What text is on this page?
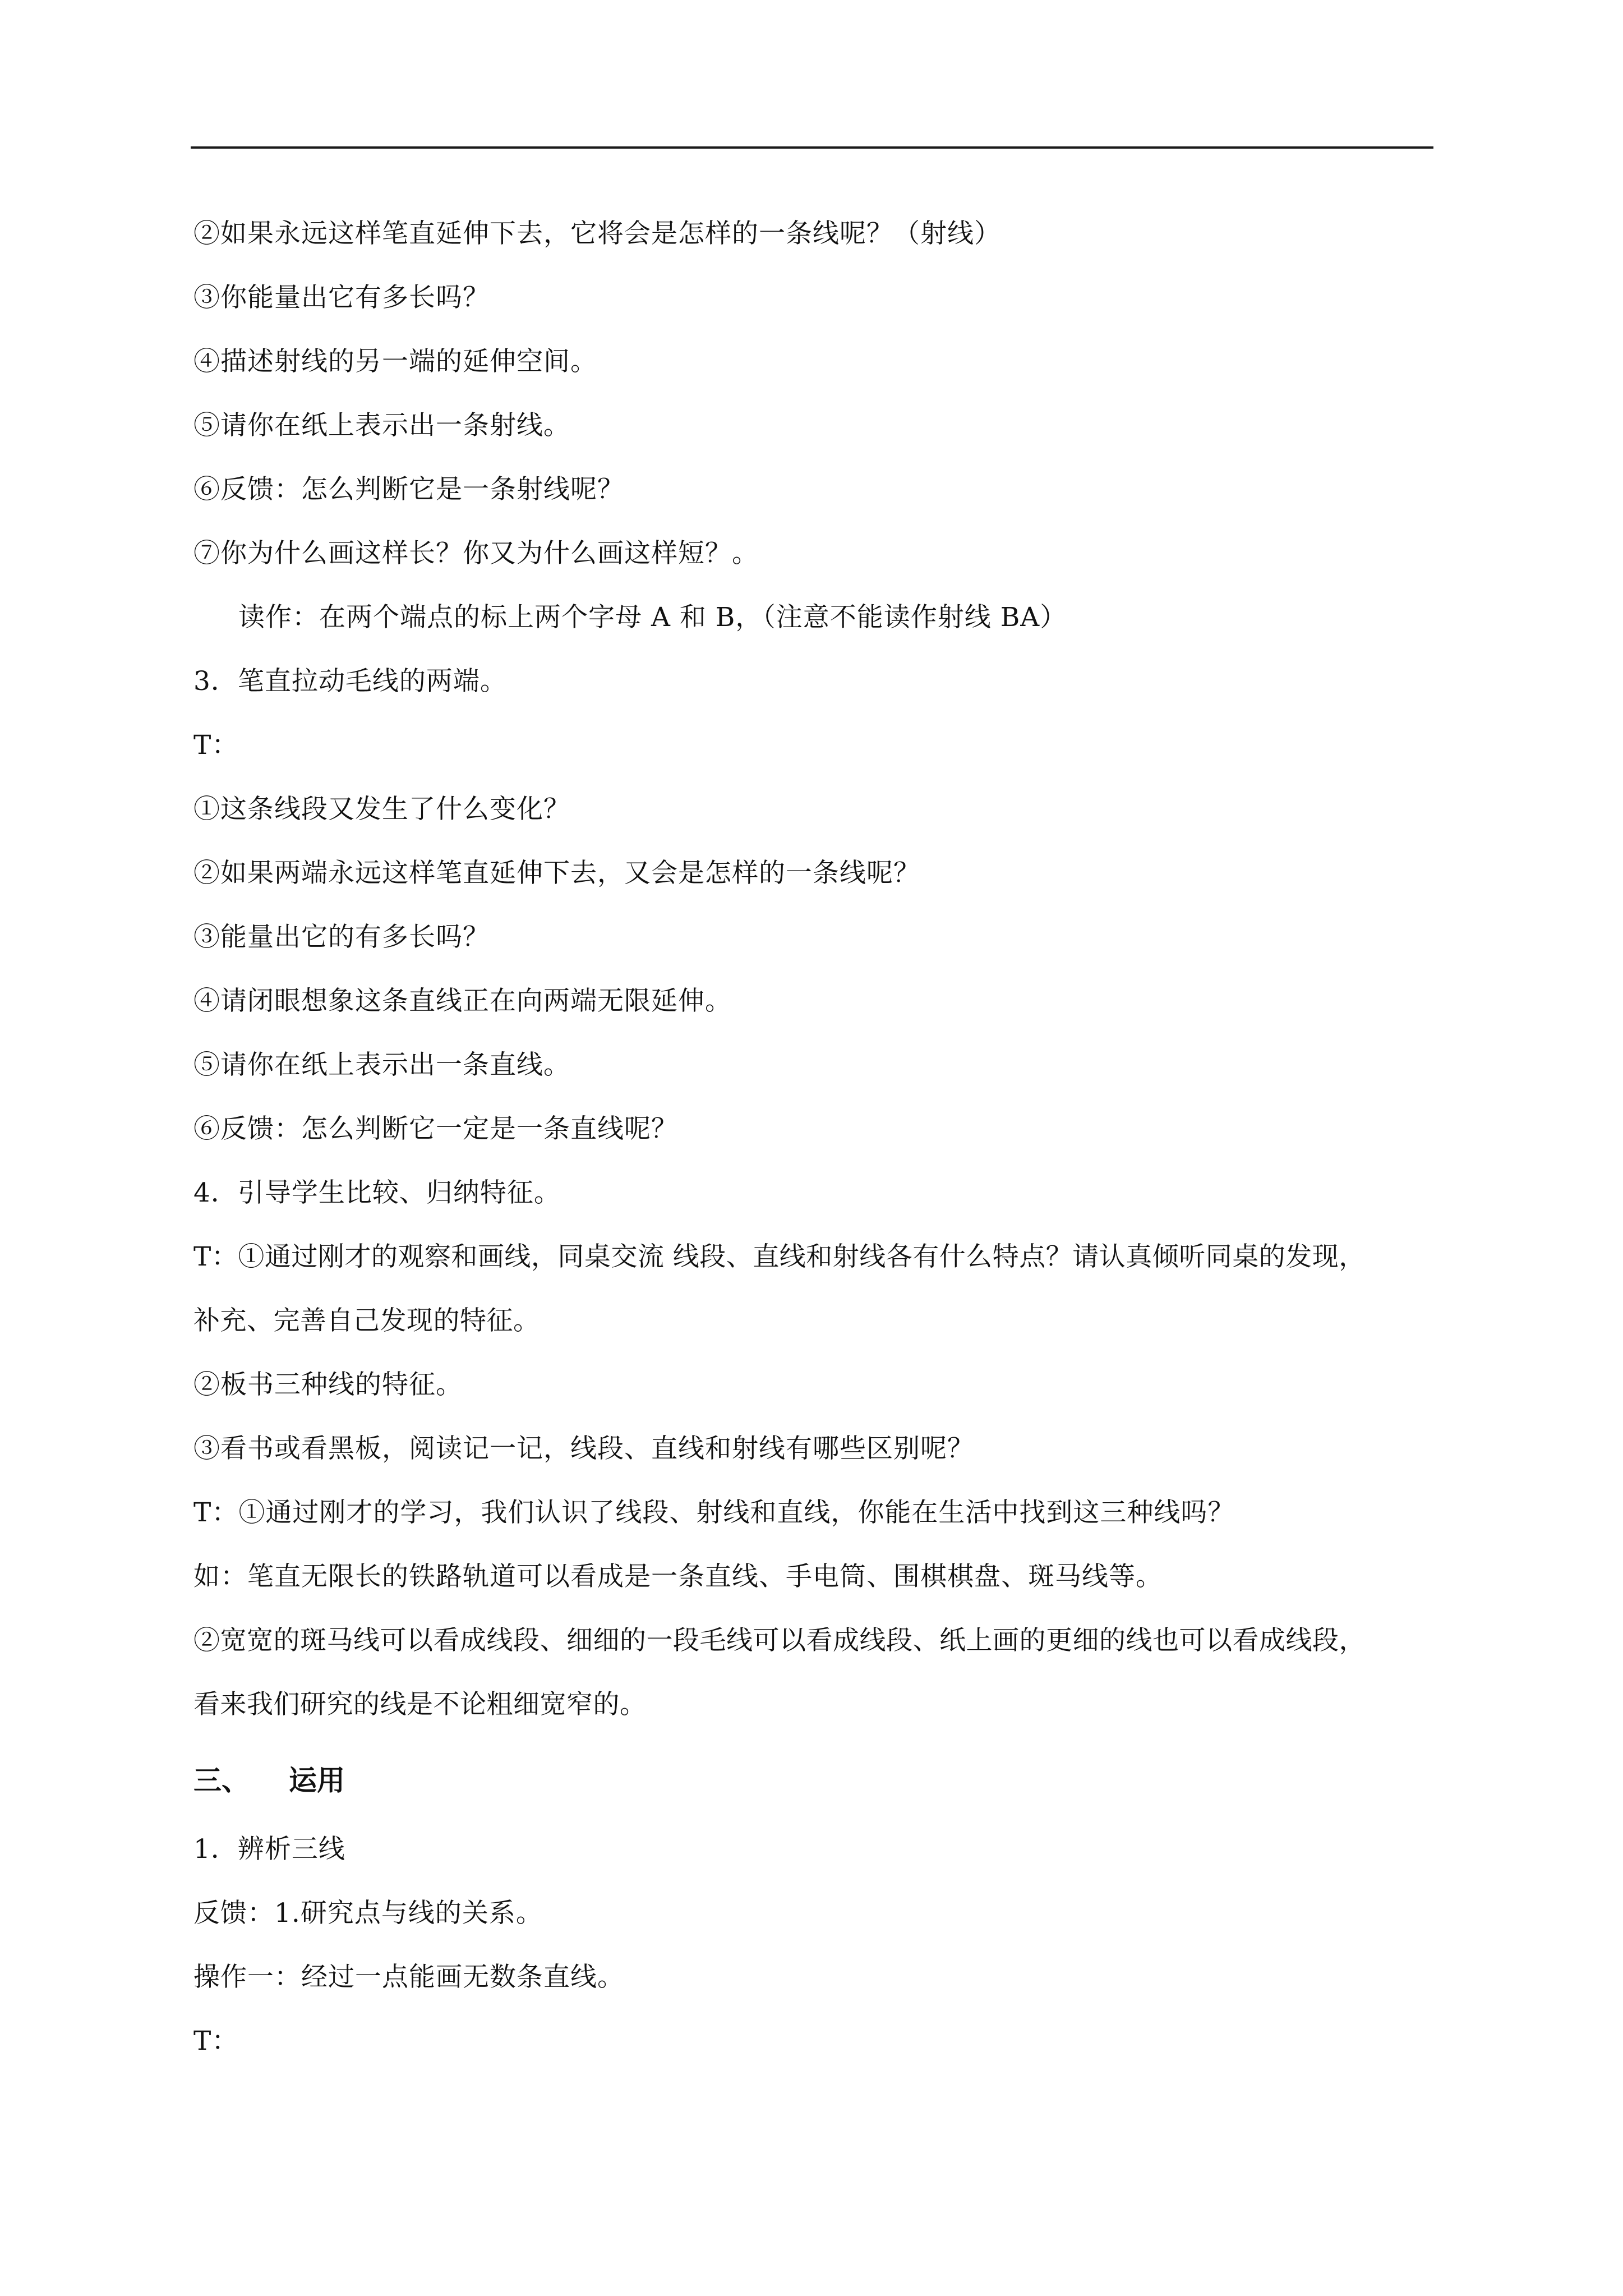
②如果永远这样笔直延伸下去，它将会是怎样的一条线呢？（射线）
③你能量出它有多长吗？
④描述射线的另一端的延伸空间。
⑤请你在纸上表示出一条射线。
⑥反馈：怎么判断它是一条射线呢？
⑦你为什么画这样长？你又为什么画这样短？。
读作：在两个端点的标上两个字母 A 和 B，（注意不能读作射线 BA）
3．笔直拉动毛线的两端。
T：
①这条线段又发生了什么变化？
②如果两端永远这样笔直延伸下去，又会是怎样的一条线呢？
③能量出它的有多长吗？
④请闭眼想象这条直线正在向两端无限延伸。
⑤请你在纸上表示出一条直线。
⑥反馈：怎么判断它一定是一条直线呢？
4．引导学生比较、归纳特征。
T：①通过刚才的观察和画线，同桌交流 线段、直线和射线各有什么特点？请认真倾听同桌的发现，
补充、完善自己发现的特征。
②板书三种线的特征。
③看书或看黑板，阅读记一记，线段、直线和射线有哪些区别呢？
T：①通过刚才的学习，我们认识了线段、射线和直线，你能在生活中找到这三种线吗？
如：笔直无限长的铁路轨道可以看成是一条直线、手电筒、围棋棋盘、斑马线等。
②宽宽的斑马线可以看成线段、细细的一段毛线可以看成线段、纸上画的更细的线也可以看成线段，
看来我们研究的线是不论粗细宽窄的。
三、 运用
1．辨析三线
反馈：1.研究点与线的关系。
操作一：经过一点能画无数条直线。
T：
